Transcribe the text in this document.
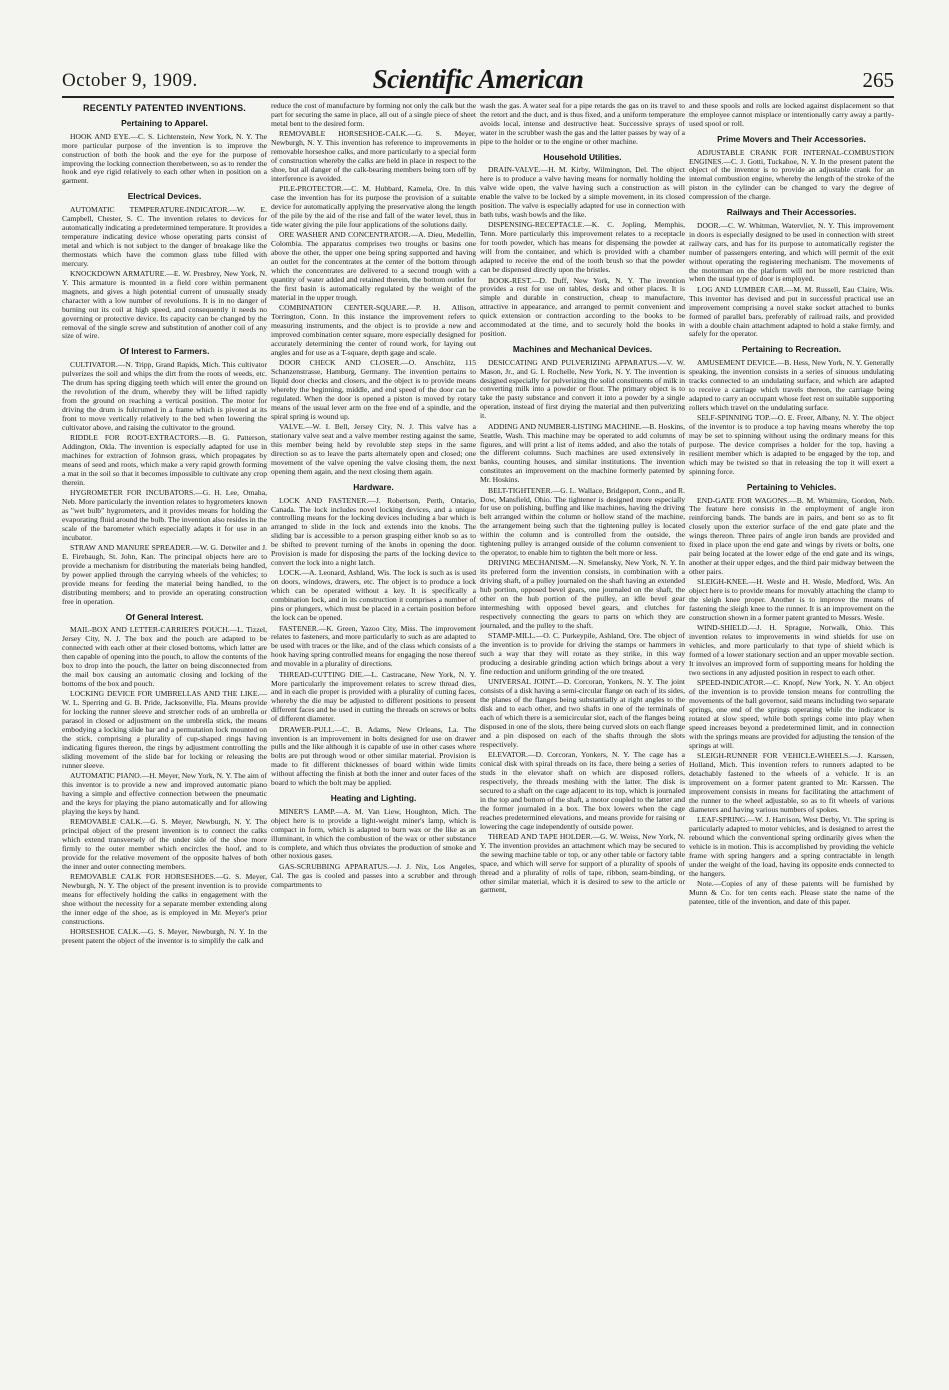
October 9, 1909.	Scientific American	265
RECENTLY PATENTED INVENTIONS.
Pertaining to Apparel.

HOOK AND EYE.—C. S. Lichtenstein, New York, N. Y. The more particular purpose of the invention is to improve the construction of both the hook and the eye for the purpose of improving the locking connection therebetween, so as to render the hook and eye rigid relatively to each other when in position on a garment.

Electrical Devices.

AUTOMATIC TEMPERATURE-INDICATOR.—W. E. Campbell, Chester, S. C. The invention relates to devices for automatically indicating a predetermined temperature. It provides a temperature indicating device whose operating parts consist of metal and which is not subject to the danger of breakage like the thermostats which have the common glass tube filled with mercury.

KNOCKDOWN ARMATURE.—E. W. Presbrey, New York, N. Y. This armature is mounted in a field core within permanent magnets, and gives a high potential current of unusually steady character with a low number of revolutions. It is in no danger of burning out its coil at high speed, and consequently it needs no governing or protective device. Its capacity can be changed by the removal of the single screw and substitution of another coil of any size of wire.

Of Interest to Farmers.

CULTIVATOR.—N. Tripp, Grand Rapids, Mich. This cultivator pulverizes the soil and whips the dirt from the roots of weeds, etc. The drum has spring digging teeth which will enter the ground on the revolution of the drum, whereby they will be lifted rapidly from the ground on reaching a vertical position. The motor for driving the drum is fulcrumed in a frame which is pivoted at its front to move vertically relatively to the bed when lowering the cultivator above, and raising the cultivator to the ground.

RIDDLE FOR ROOT-EXTRACTORS.—B. G. Patterson, Addington, Okla. The invention is especially adapted for use in machines for extraction of Johnson grass, which propagates by means of seed and roots, which make a very rapid growth forming a mat in the soil so that it becomes impossible to cultivate any crop therein.

HYGROMETER FOR INCUBATORS.—G. H. Lee, Omaha, Neb. More particularly the invention relates to hygrometers known as "wet bulb" hygrometers, and it provides means for holding the evaporating fluid around the bulb. The invention also resides in the scale of the barometer which especially adapts it for use in an incubator.

STRAW AND MANURE SPREADER.—W. G. Detwiler and J. E. Firebaugh, St. John, Kan. The principal objects here are to provide a mechanism for distributing the materials being handled, by power applied through the carrying wheels of the vehicles; to provide means for feeding the material being handled, to the distributing members; and to provide an operating construction free in operation.

Of General Interest.

MAIL-BOX AND LETTER-CARRIER'S POUCH.—L. Tizzel, Jersey City, N. J. The box and the pouch are adapted to be connected with each other at their closed bottoms, which latter are then capable of opening into the pouch, to allow the contents of the box to drop into the pouch, the latter on being disconnected from the mail box causing an automatic closing and locking of the bottoms of the box and pouch.

LOCKING DEVICE FOR UMBRELLAS AND THE LIKE.—W. L. Sperring and G. B. Pride, Jacksonville, Fla. Means provide for locking the runner sleeve and stretcher rods of an umbrella or parasol in closed or adjustment on the umbrella stick, the means embodying a locking slide bar and a permutation lock mounted on the stick, comprising a plurality of cup-shaped rings having indicating figures thereon, the rings by adjustment controlling the sliding movement of the slide bar for locking or releasing the runner sleeve.

AUTOMATIC PIANO.—H. Meyer, New York, N. Y. The aim of this inventor is to provide a new and improved automatic piano having a simple and effective connection between the pneumatic and the keys for playing the piano automatically and for allowing playing the keys by hand.

REMOVABLE CALK.—G. S. Meyer, Newburgh, N. Y. The principal object of the present invention is to connect the calks which extend transversely of the under side of the shoe more firmly to the outer member which encircles the hoof, and to provide for the relative movement of the opposite halves of both the inner and outer connecting members.

REMOVABLE CALK FOR HORSESHOES.—G. S. Meyer, Newburgh, N. Y. The object of the present invention is to provide means for effectively holding the calks in engagement with the shoe without the necessity for a separate member extending along the inner edge of the shoe, as is employed in Mr. Meyer's prior constructions.

HORSESHOE CALK.—G. S. Meyer, Newburgh, N. Y. In the present patent the object of the inventor is to simplify the calk and

reduce the cost of manufacture by forming not only the calk but the part for securing the same in place, all out of a single piece of sheet metal bent to the desired form.

REMOVABLE HORSESHOE-CALK.—G. S. Meyer, Newburgh, N. Y. This invention has reference to improvements in removable horseshoe calks, and more particularly to a special form of construction whereby the calks are held in place in respect to the shoe, but all danger of the calk-bearing members being torn off by interference is avoided.

PILE-PROTECTOR.—C. M. Hubbard, Kamela, Ore. In this case the invention has for its purpose the provision of a suitable device for automatically applying the preservative along the length of the pile by the aid of the rise and fall of the water level, thus in tide water giving the pile four applications of the solutions daily.

ORE WASHER AND CONCENTRATOR.—A. Dieu, Medellin, Colombia. The apparatus comprises two troughs or basins one above the other, the upper one being spring supported and having an outlet for the concentrates at the center of the bottom through which the concentrates are delivered to a second trough with a quantity of water added and retained therein, the bottom outlet for the first basin is automatically regulated by the weight of the material in the upper trough.

COMBINATION CENTER-SQUARE.—P. H. Allison, Torrington, Conn. In this instance the improvement refers to measuring instruments, and the object is to provide a new and improved combination center square, more especially designed for accurately determining the center of round work, for laying out angles and for use as a T-square, depth gage and scale.

DOOR CHECK AND CLOSER.—O. Anschütz, 115 Schanzenstrasse, Hamburg, Germany. The invention pertains to liquid door checks and closers, and the object is to provide means whereby the beginning, middle, and end speed of the door can be regulated. When the door is opened a piston is moved by rotary means of the usual lever arm on the free end of a spindle, and the spiral spring is wound up.

VALVE.—W. I. Bell, Jersey City, N. J. This valve has a stationary valve seat and a valve member resting against the same, this member being held by revoluble step steps in the same direction so as to leave the parts alternately open and closed; one movement of the valve opening the valve closing them, the next opening them again, and the next closing them again.

Hardware.

LOCK AND FASTENER.—J. Robertson, Perth, Ontario, Canada. The lock includes novel locking devices, and a unique controlling means for the locking devices including a bar which is arranged to slide in the lock and extends into the knobs. The sliding bar is accessible to a person grasping either knob so as to be shifted to prevent turning of the knobs in opening the door. Provision is made for disposing the parts of the locking device to convert the lock into a night latch.

LOCK.—A. Leonard, Ashland, Wis. The lock is such as is used on doors, windows, drawers, etc. The object is to produce a lock which can be operated without a key. It is specifically a combination lock, and in its construction it comprises a number of pins or plungers, which must be placed in a certain position before the lock can be opened.

FASTENER.—K. Green, Yazoo City, Miss. The improvement relates to fasteners, and more particularly to such as are adapted to be used with traces or the like, and of the class which consists of a hook having spring controlled means for engaging the nose thereof and movable in a plurality of directions.

THREAD-CUTTING DIE.—L. Castracane, New York, N. Y. More particularly the improvement relates to screw thread dies, and in each die proper is provided with a plurality of cutting faces, whereby the die may be adjusted to different positions to present different faces and be used in cutting the threads on screws or bolts of different diameter.

DRAWER-PULL.—C. B. Adams, New Orleans, La. The invention is an improvement in bolts designed for use on drawer pulls and the like although it is capable of use in other cases where bolts are put through wood or other similar material. Provision is made to fit different thicknesses of board within wide limits without affecting the finish at both the inner and outer faces of the board to which the bolt may be applied.

Heating and Lighting.

MINER'S LAMP.—A. M. Van Liew, Houghton, Mich. The object here is to provide a light-weight miner's lamp, which is compact in form, which is adapted to burn wax or the like as an illuminant, in which the combustion of the wax or other substance is complete, and which thus obviates the production of smoke and other noxious gases.

GAS-SCRUBBING APPARATUS.—J. J. Nix, Los Angeles, Cal. The gas is cooled and passes into a scrubber and through compartments to

wash the gas. A water seal for a pipe retards the gas on its travel to the retort and the duct, and is thus fixed, and a uniform temperature avoids local, intense and destructive heat. Successive sprays of water in the scrubber wash the gas and the latter passes by way of a pipe to the holder or to the engine or other machine.

Household Utilities.

DRAIN-VALVE.—H. M. Kirby, Wilmington, Del. The object here is to produce a valve having means for normally holding the valve wide open, the valve having such a construction as will enable the valve to be locked by a simple movement, in its closed position. The valve is especially adapted for use in connection with bath tubs, wash bowls and the like.

DISPENSING-RECEPTACLE.—K. C. Jopling, Memphis, Tenn. More particularly this improvement relates to a receptacle for tooth powder, which has means for dispensing the powder at will from the container, and which is provided with a chamber adapted to receive the end of the tooth brush so that the powder can be dispensed directly upon the bristles.

BOOK-REST.—D. Duff, New York, N. Y. The invention provides a rest for use on tables, desks and other places. It is simple and durable in construction, cheap to manufacture, attractive in appearance, and arranged to permit convenient and quick extension or contraction according to the books to be accommodated at the time, and to securely hold the books in position.

Machines and Mechanical Devices.

DESICCATING AND PULVERIZING APPARATUS.—V. W. Mason, Jr., and G. I. Rochelle, New York, N. Y. The invention is designed especially for pulverizing the solid constituents of milk in converting milk into a powder or flour. The primary object is to take the pasty substance and convert it into a powder by a single operation, instead of first drying the material and then pulverizing it.

ADDING AND NUMBER-LISTING MACHINE.—B. Hoskins, Seattle, Wash. This machine may be operated to add columns of figures, and will print a list of items added, and also the totals of the different columns. Such machines are used extensively in banks, counting houses, and similar institutions. The invention constitutes an improvement on the machine formerly patented by Mr. Hoskins.

BELT-TIGHTENER.—G. L. Wallace, Bridgeport, Conn., and R. Dow, Mansfield, Ohio. The tightener is designed more especially for use on polishing, buffing and like machines, having the driving belt arranged within the column or hollow stand of the machine, the arrangement being such that the tightening pulley is located within the column and is controlled from the outside, the tightening pulley is arranged outside of the column convenient to the operator, to enable him to tighten the belt more or less.

DRIVING MECHANISM.—N. Smelansky, New York, N. Y. In its preferred form the invention consists, in combination with a driving shaft, of a pulley journaled on the shaft having an extended hub portion, opposed bevel gears, one journaled on the shaft, the other on the hub portion of the pulley, an idle bevel gear intermeshing with opposed bevel gears, and clutches for respectively connecting the gears to parts on which they are journaled, and the pulley to the shaft.

STAMP-MILL.—O. C. Purkeypile, Ashland, Ore. The object of the invention is to provide for driving the stamps or hammers in such a way that they will rotate as they strike, in this way producing a desirable grinding action which brings about a very fine reduction and uniform grinding of the ore treated.

UNIVERSAL JOINT.—D. Corcoran, Yonkers, N. Y. The joint consists of a disk having a semi-circular flange on each of its sides, the planes of the flanges being substantially at right angles to the disk and to each other, and two shafts in one of the terminals of each of which there is a semicircular slot, each of the flanges being disposed in one of the slots, there being curved slots on each flange and a pin disposed on each of the shafts through the slots respectively.

ELEVATOR.—D. Corcoran, Yonkers, N. Y. The cage has a conical disk with spiral threads on its face, there being a series of studs in the elevator shaft on which are disposed rollers, respectively, the threads meshing with the latter. The disk is secured to a shaft on the cage adjacent to its top, which is journaled in the top and bottom of the shaft, a motor coupled to the latter and the former journaled in a box. The box lowers when the cage reaches predetermined elevations, and means provide for raising or lowering the cage independently of outside power.

THREAD AND TAPE HOLDER.—G. W. Weiss, New York, N. Y. The invention provides an attachment which may be secured to the sewing machine table or top, or any other table or factory table space, and which will serve for support of a plurality of spools of thread and a plurality of rolls of tape, ribbon, seam-binding, or other similar material, which it is desired to sew to the article or garment,

and these spools and rolls are locked against displacement so that the employee cannot misplace or intentionally carry away a partly-used spool or roll.

Prime Movers and Their Accessories.

ADJUSTABLE CRANK FOR INTERNAL-COMBUSTION ENGINES.—C. J. Gotti, Tuckahoe, N. Y. In the present patent the object of the inventor is to provide an adjustable crank for an internal combustion engine, whereby the length of the stroke of the piston in the cylinder can be changed to vary the degree of compression of the charge.

Railways and Their Accessories.

DOOR.—C. W. Whitman, Watervliet, N. Y. This improvement in doors is especially designed to be used in connection with street railway cars, and has for its purpose to automatically register the number of passengers entering, and which will permit of the exit without operating the registering mechanism. The movements of the motorman on the platform will not be more restricted than when the usual type of door is employed.

LOG AND LUMBER CAR.—M. M. Russell, Eau Claire, Wis. This inventor has devised and put in successful practical use an improvement comprising a novel stake socket attached to bunks formed of parallel bars, preferably of railroad rails, and provided with a double chain attachment adapted to hold a stake firmly, and safely for the operator.

Pertaining to Recreation.

AMUSEMENT DEVICE.—B. Hess, New York, N. Y. Generally speaking, the invention consists in a series of sinuous undulating tracks connected to an undulating surface, and which are adapted to receive a carriage which travels thereon, the carriage being adapted to carry an occupant whose feet rest on suitable supporting rollers which travel on the undulating surface.

SELF-SPINNING TOP.—O. E. Freer, Albany, N. Y. The object of the inventor is to produce a top having means whereby the top may be set to spinning without using the ordinary means for this purpose. The device comprises a holder for the top, having a resilient member which is adapted to be engaged by the top, and which may be twisted so that in releasing the top it will exert a spinning force.

Pertaining to Vehicles.

END-GATE FOR WAGONS.—B. M. Whitmire, Gordon, Neb. The feature here consists in the employment of angle iron reinforcing bands. The bands are in pairs, and bent so as to fit closely upon the exterior surface of the end gate plate and the wings thereon. Three pairs of angle iron bands are provided and fixed in place upon the end gate and wings by rivets or bolts, one pair being located at the lower edge of the end gate and its wings, another at their upper edges, and the third pair midway between the other pairs.

SLEIGH-KNEE.—H. Wesle and H. Wesle, Medford, Wis. An object here is to provide means for movably attaching the clamp to the sleigh knee proper. Another is to improve the means of fastening the sleigh knee to the runner. It is an improvement on the construction shown in a former patent granted to Messrs. Wesle.

WIND-SHIELD.—J. H. Sprague, Norwalk, Ohio. This invention relates to improvements in wind shields for use on vehicles, and more particularly to that type of shield which is formed of a lower stationary section and an upper movable section. It involves an improved form of supporting means for holding the two sections in any adjusted position in respect to each other.

SPEED-INDICATOR.—C. Knopf, New York, N. Y. An object of the invention is to provide tension means for controlling the movements of the ball governor, said means including two separate springs, one end of the springs operating while the indicator is rotated at slow speed, while both springs come into play when speed increases beyond a predetermined limit, and in connection with the springs means are provided for adjusting the tension of the springs at will.

SLEIGH-RUNNER FOR VEHICLE-WHEELS.—J. Karssen, Holland, Mich. This invention refers to runners adapted to be detachably fastened to the wheels of a vehicle. It is an improvement on a former patent granted to Mr. Karssen. The improvement consists in means for facilitating the attachment of the runner to the wheel adjustable, so as to fit wheels of various diameters and having various numbers of spokes.

LEAF-SPRING.—W. J. Harrison, West Derby, Vt. The spring is particularly adapted to motor vehicles, and is designed to arrest the rebound which the conventional spring ordinarily gives when the vehicle is in motion. This is accomplished by providing the vehicle frame with spring hangers and a spring contractable in length under the weight of the load, having its opposite ends connected to the hangers.

Note.—Copies of any of these patents will be furnished by Munn & Co. for ten cents each. Please state the name of the patentee, title of the invention, and date of this paper.
